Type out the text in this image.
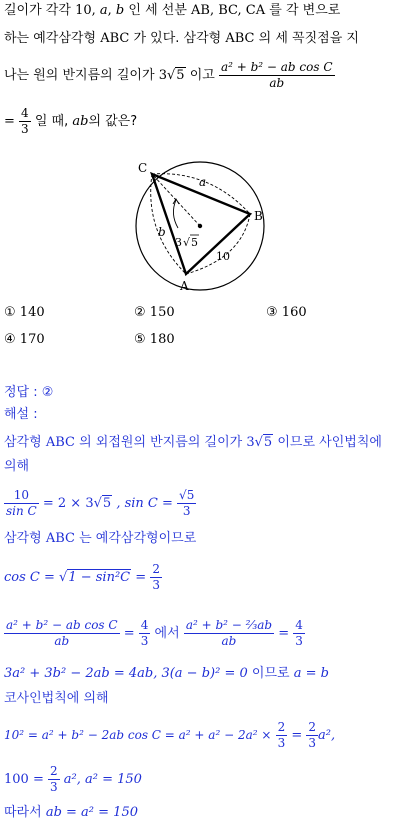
길이가 각각 10, a, b 인 세 선분 AB, BC, CA 를 각 변으로
하는 예각삼각형 ABC 가 있다. 삼각형 ABC 의 세 꼭짓점을 지
나는 원의 반지름의 길이가 3√5 이고 $\frac{\text{a² + b² − ab cos C}}{ab}$
= $\frac{4}{3}$ 일 때, ab의 값은?
C
B
A
a
b
10
3 √ 5
① 140	② 150	③ 160
④ 170	⑤ 180
정답 : ②
해설 :
삼각형 ABC 의 외접원의 반지름의 길이가 3√5 이므로 사인법칙에
의해
$\frac{10}{\text{sin C}} = 2 \times 3√5$ , $\sin C = \frac{√5}{3}$
삼각형 ABC 는 예각삼각형이므로
$\cos C = √1 - \sin^2C = \frac{2}{3}$
$\frac{\text{a² + b² − ab cos C}}{ab} = \frac{4}{3}$ 에서 $\frac{\text{a² + b² − ⅔ab}}{ab} = \frac{4}{3}$
3a² + 3b² − 2ab = 4ab, 3(a − b)² = 0 이므로 a = b
코사인법칙에 의해
10² = a² + b² − 2ab $\cos C = a^2 + a^2 - 2a^2 \times \frac{2}{3} = \frac{2}{3} a^2$,
$100 = \frac{2}{3} a^2$, a² = 150
따라서 ab = a² = 150
